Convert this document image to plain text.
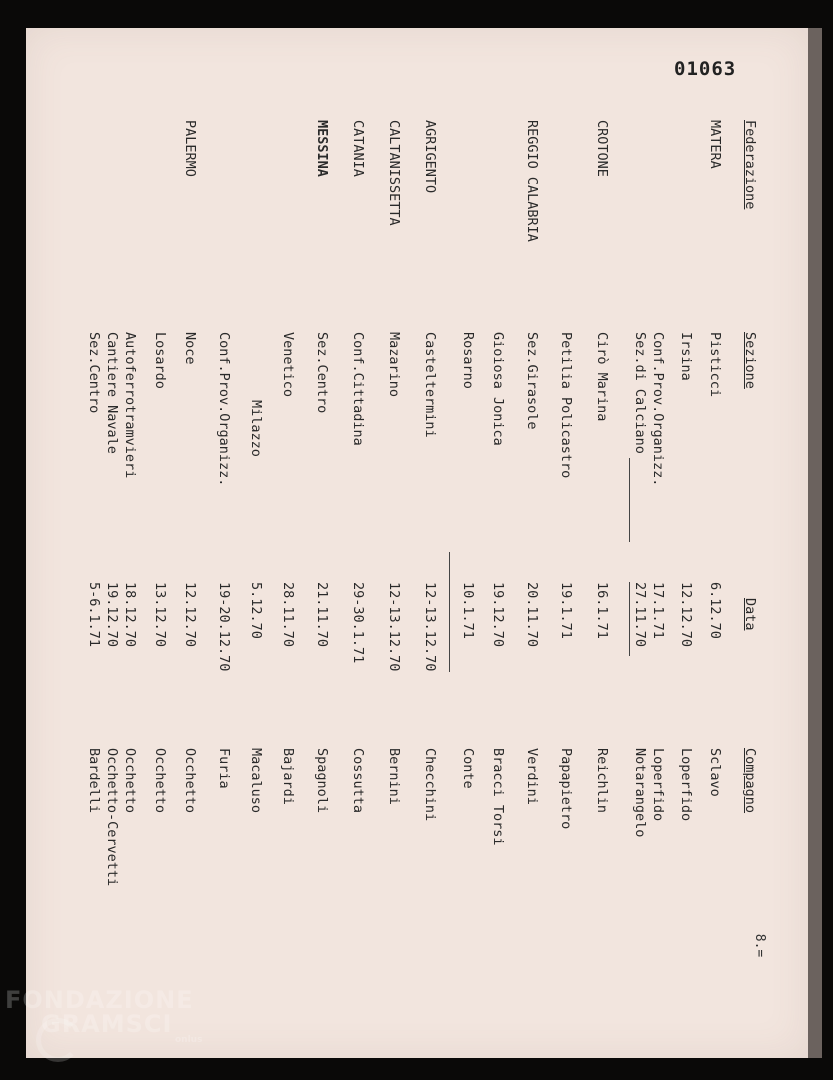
01063
Federazione
Sezione
Data
Compagno
MATERA
Pisticci
6.12.70
Sclavo
Irsina
12.12.70
Loperfido
Conf.Prov.Organizz.
17.1.71
Loperfido
Sez.di Calciano
27.11.70
Notarangelo
CROTONE
Cirò Marina
16.1.71
Reichlin
Petilia Policastro
19.1.71
Papapietro
REGGIO CALABRIA
Sez.Girasole
20.11.70
Verdini
Gioiosa Jonica
19.12.70
Bracci Torsi
Rosarno
10.1.71
Conte
AGRIGENTO
Casteltermini
12-13.12.70
Checchini
CALTANISSETTA
Mazarino
12-13.12.70
Bernini
CATANIA
Conf.Cittadina
29-30.1.71
Cossutta
MESSINA
Sez.Centro
21.11.70
Spagnoli
Venetico
28.11.70
Bajardi
Milazzo
5.12.70
Macaluso
Conf.Prov.Organizz.
19-20.12.70
Furia
PALERMO
Noce
12.12.70
Occhetto
Losardo
13.12.70
Occhetto
Autoferrotramvieri
18.12.70
Occhetto
Cantiere Navale
19.12.70
Occhetto-Cervetti
Sez.Centro
5-6.1.71
Bardelli
8.=
FONDAZIONE
GRAMSCI
onlus
